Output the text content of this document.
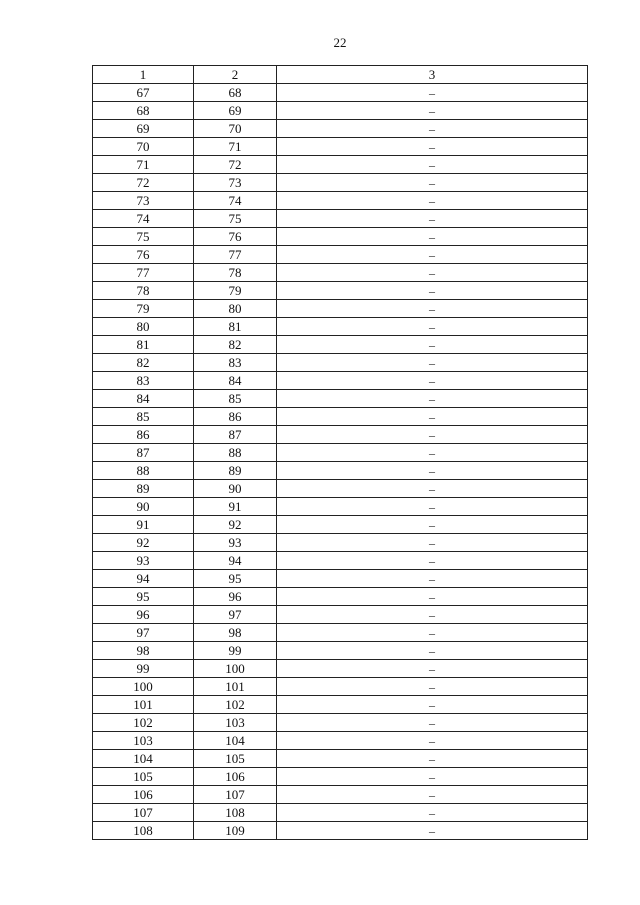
22
1	2	3
67	68	–
68	69	–
69	70	–
70	71	–
71	72	–
72	73	–
73	74	–
74	75	–
75	76	–
76	77	–
77	78	–
78	79	–
79	80	–
80	81	–
81	82	–
82	83	–
83	84	–
84	85	–
85	86	–
86	87	–
87	88	–
88	89	–
89	90	–
90	91	–
91	92	–
92	93	–
93	94	–
94	95	–
95	96	–
96	97	–
97	98	–
98	99	–
99	100	–
100	101	–
101	102	–
102	103	–
103	104	–
104	105	–
105	106	–
106	107	–
107	108	–
108	109	–
